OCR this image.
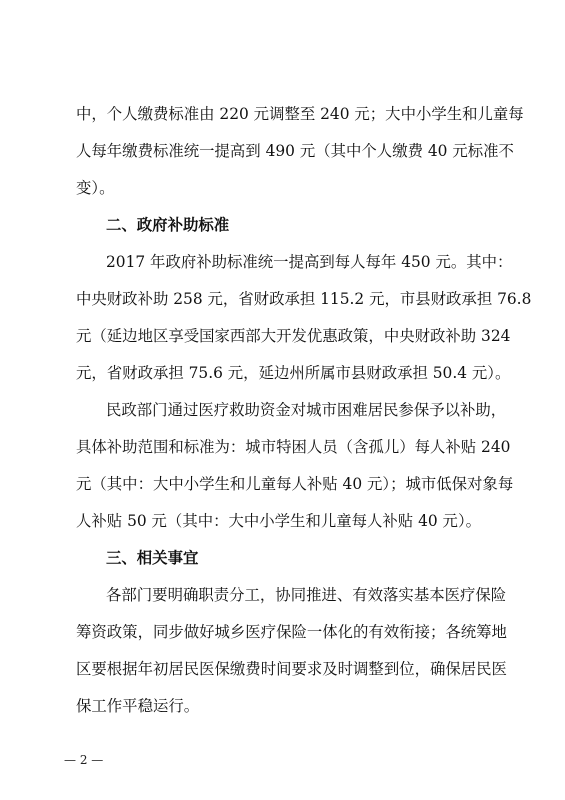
中，个人缴费标准由 220 元调整至 240 元；大中小学生和儿童每
人每年缴费标准统一提高到 490 元（其中个人缴费 40 元标准不
变）。
二、政府补助标准
2017 年政府补助标准统一提高到每人每年 450 元。其中：
中央财政补助 258 元，省财政承担 115.2 元，市县财政承担 76.8
元（延边地区享受国家西部大开发优惠政策，中央财政补助 324
元，省财政承担 75.6 元，延边州所属市县财政承担 50.4 元）。
民政部门通过医疗救助资金对城市困难居民参保予以补助，
具体补助范围和标准为：城市特困人员（含孤儿）每人补贴 240
元（其中：大中小学生和儿童每人补贴 40 元）；城市低保对象每
人补贴 50 元（其中：大中小学生和儿童每人补贴 40 元）。
三、相关事宜
各部门要明确职责分工，协同推进、有效落实基本医疗保险
筹资政策，同步做好城乡医疗保险一体化的有效衔接；各统筹地
区要根据年初居民医保缴费时间要求及时调整到位，确保居民医
保工作平稳运行。
— 2 —
